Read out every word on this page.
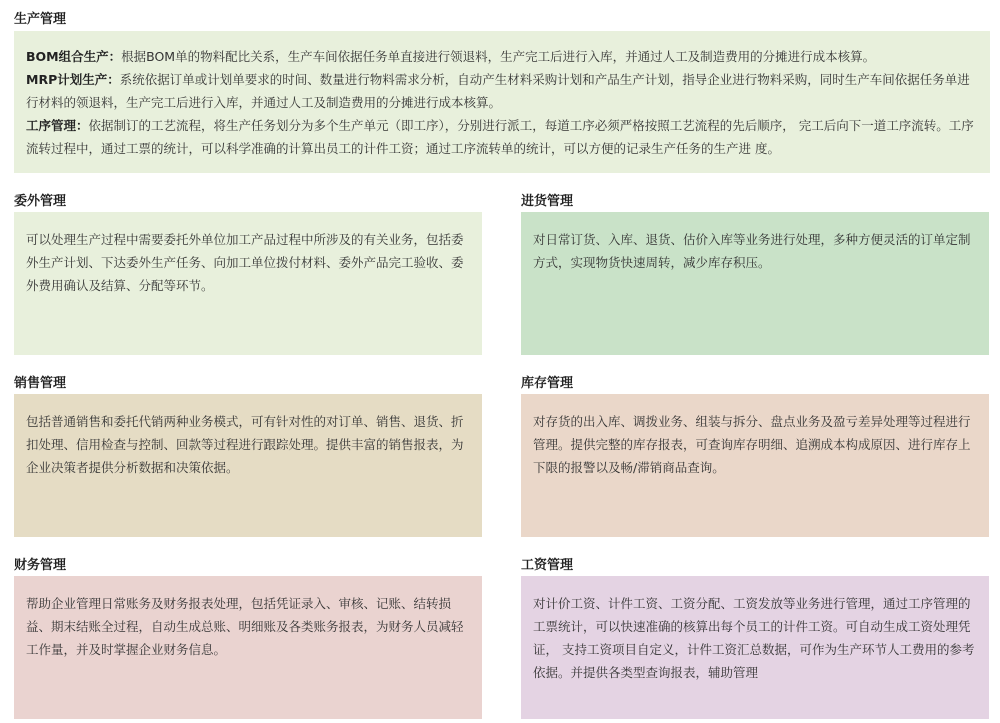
生产管理

BOM组合生产：根据BOM单的物料配比关系，生产车间依据任务单直接进行领退料，生产完工后进行入库，并通过人工及制造费用的分摊进行成本核算。

MRP计划生产：系统依据订单或计划单要求的时间、数量进行物料需求分析，自动产生材料采购计划和产品生产计划，指导企业进行物料采购，同时生产车间依据任务单进行材料的领退料，生产完工后进行入库，并通过人工及制造费用的分摊进行成本核算。

工序管理：依据制订的工艺流程，将生产任务划分为多个生产单元（即工序），分别进行派工，每道工序必须严格按照工艺流程的先后顺序， 完工后向下一道工序流转。工序流转过程中，通过工票的统计，可以科学准确的计算出员工的计件工资；通过工序流转单的统计，可以方便的记录生产任务的生产进 度。

委外管理

可以处理生产过程中需要委托外单位加工产品过程中所涉及的有关业务，包括委外生产计划、下达委外生产任务、向加工单位拨付材料、委外产品完工验收、委外费用确认及结算、分配等环节。

进货管理

对日常订货、入库、退货、估价入库等业务进行处理，多种方便灵活的订单定制方式，实现物货快速周转，减少库存积压。

销售管理

包括普通销售和委托代销两种业务模式，可有针对性的对订单、销售、退货、折扣处理、信用检查与控制、回款等过程进行跟踪处理。提供丰富的销售报表，为企业决策者提供分析数据和决策依据。

库存管理

对存货的出入库、调拨业务、组装与拆分、盘点业务及盈亏差异处理等过程进行管理。提供完整的库存报表，可查询库存明细、追溯成本构成原因、进行库存上下限的报警以及畅/滞销商品查询。

财务管理

帮助企业管理日常账务及财务报表处理，包括凭证录入、审核、记账、结转损益、期末结账全过程，自动生成总账、明细账及各类账务报表，为财务人员减轻工作量，并及时掌握企业财务信息。

工资管理

对计价工资、计件工资、工资分配、工资发放等业务进行管理，通过工序管理的工票统计，可以快速准确的核算出每个员工的计件工资。可自动生成工资处理凭证， 支持工资项目自定义，计件工资汇总数据，可作为生产环节人工费用的参考依据。并提供各类型查询报表，辅助管理
